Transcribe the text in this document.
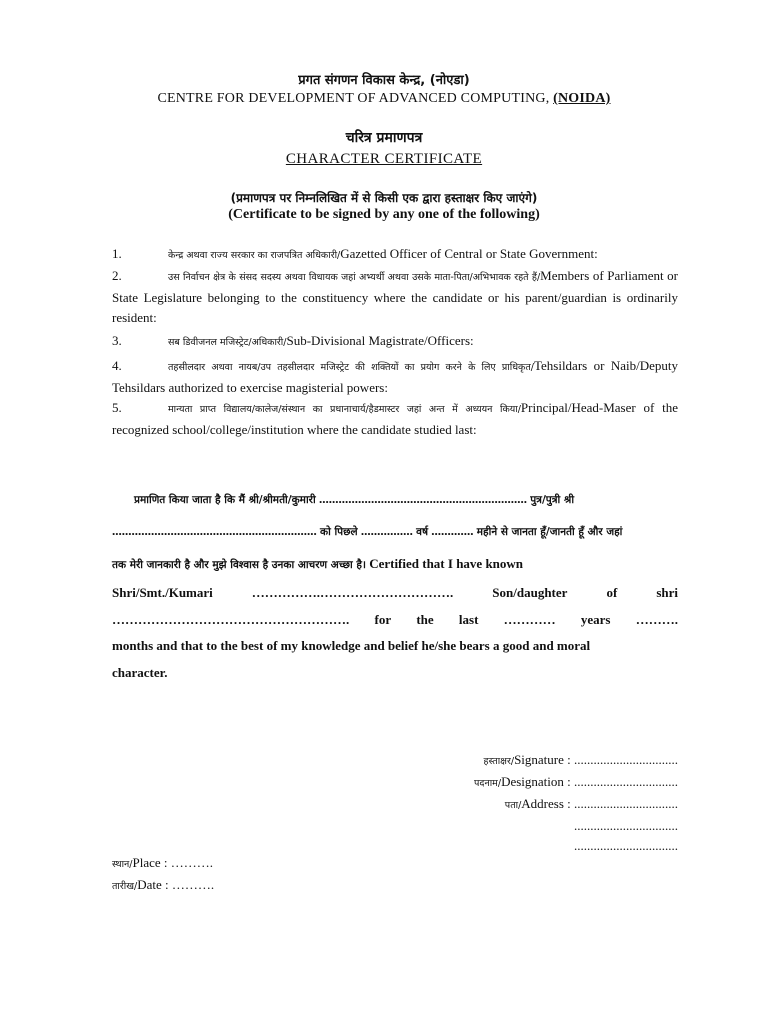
प्रगत संगणन विकास केन्द्र, (नोएडा)
CENTRE FOR DEVELOPMENT OF ADVANCED COMPUTING, (NOIDA)
चरित्र प्रमाणपत्र
CHARACTER CERTIFICATE
(प्रमाणपत्र पर निम्नलिखित में से किसी एक द्वारा हस्ताक्षर किए जाएंगे)
(Certificate to be signed by any one of the following)
1.	केन्द्र अथवा राज्य सरकार का राजपत्रित अधिकारी/Gazetted Officer of Central or State Government:
2.	उस निर्वाचन क्षेत्र के संसद सदस्य अथवा विधायक जहां अभ्यर्थी अथवा उसके माता-पिता/अभिभावक रहते हैं/Members of Parliament or State Legislature belonging to the constituency where the candidate or his parent/guardian is ordinarily resident:
3.	सब डिवीजनल मजिस्ट्रेट/अधिकारी/Sub-Divisional Magistrate/Officers:
4.	तहसीलदार अथवा नायब/उप तहसीलदार मजिस्ट्रेट की शक्तियों का प्रयोग करने के लिए प्राधिकृत/Tehsildars or Naib/Deputy Tehsildars authorized to exercise magisterial powers:
5.	मान्यता प्राप्त विद्यालय/कालेज/संस्थान का प्रधानाचार्य/हैडमास्टर जहां अन्त में अध्ययन किया/Principal/Head-Maser of the recognized school/college/institution where the candidate studied last:
प्रमाणित किया जाता है कि मैं श्री/श्रीमती/कुमारी ................................................................ पुत्र/पुत्री श्री
............................................................... को पिछले ................ वर्ष ............. महीने से जानता हूँ/जानती हूँ और जहां
तक मेरी जानकारी है और मुझे विश्वास है उनका आचरण अच्छा है। Certified that I have known
Shri/Smt./Kumari	…………….………………………….	Son/daughter	of	shri
………………………………………………. for the last ………… years ……….
months and that to the best of my knowledge and belief he/she bears a good and moral
character.
हस्ताक्षर/Signature : ................................
पदनाम/Designation : ................................
पता/Address : ................................
................................
................................
स्थान/Place : ……….
तारीख/Date : ……….
